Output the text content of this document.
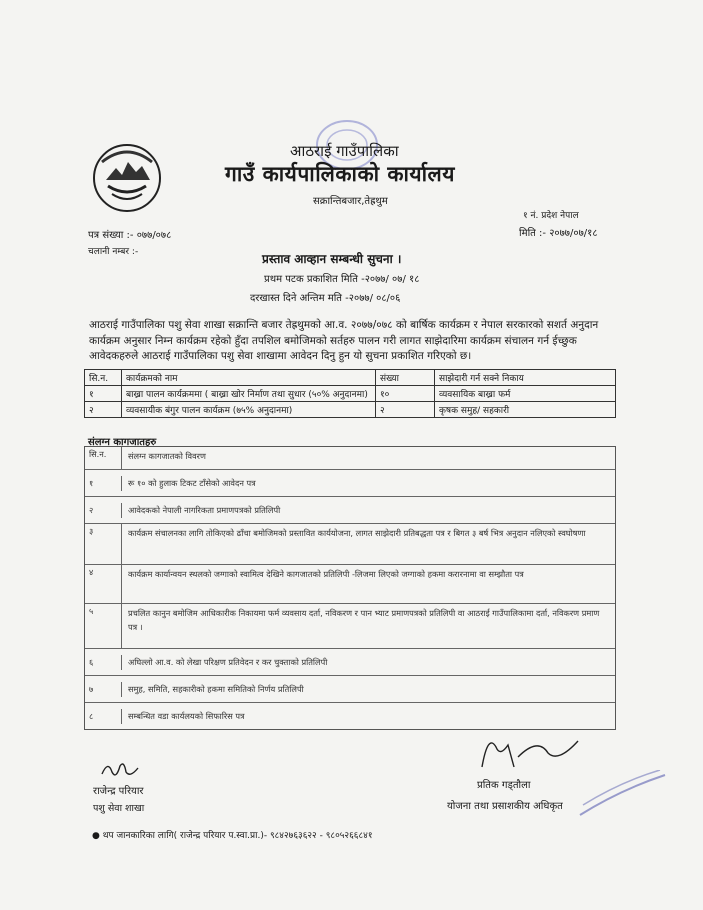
आठराई गाउँपालिका
गाउँ कार्यपालिकाको कार्यालय
सक्रान्तिबजार,तेह्रथुम
१ नं. प्रदेश नेपाल
मिति :- २०७७/०७/१८
पत्र संख्या :- ०७७/०७८
चलानी नम्बर :-	प्रस्ताव आव्हान सम्बन्धी सुचना ।
प्रथम पटक प्रकाशित मिति -२०७७/ ०७/ १८
दरखास्त दिने अन्तिम मति -२०७७/ ०८/०६
आठराई गाउँपालिका पशु सेवा शाखा सक्रान्ति बजार तेह्रथुमको आ.व. २०७७/०७८ को बार्षिक कार्यक्रम र नेपाल सरकारको सशर्त अनुदान कार्यक्रम अनुसार निम्न कार्यक्रम रहेको हुँदा तपशिल बमोजिमको सर्तहरु पालन गरी लागत साझेदारिमा कार्यक्रम संचालन गर्न ईच्छुक आवेदकहरुले आठराई गाउँपालिका पशु सेवा शाखामा आवेदन दिनु हुन यो सुचना प्रकाशित गरिएको छ।
सि.न.	कार्यक्रमको नाम	संख्या	साझेदारी गर्न सक्ने निकाय
१	बाख्रा पालन कार्यक्रममा ( बाख्रा खोर निर्माण तथा सुधार (५०% अनुदानमा)	१०	व्यवसायिक बाख्रा फर्म
२	व्यवसायीक बंगुर पालन कार्यक्रम (७५% अनुदानमा)	२	कृषक समुह/ सहकारी
संलग्न कागजातहरु
सि.न.	संलग्न कागजातको विवरण
१	रू १० को हुलाक टिकट टाँसेको आवेदन पत्र
२	आवेदकको नेपाली नागरिकता प्रमाणपत्रको प्रतिलिपी
३	कार्यक्रम संचालनका लागि तोकिएको ढाँचा बमोजिमको प्रस्तावित कार्ययोजना, लागत साझेदारी प्रतिबद्धता पत्र र बिगत ३ बर्ष भित्र अनुदान नलिएको स्वघोषणा
४	कार्यक्रम कार्यान्वयन स्थलको जग्गाको स्वामित्व देखिने कागजातको प्रतिलिपी -लिजमा लिएको जग्गाको हकमा करारनामा वा सम्झौता पत्र
५	प्रचलित कानुन बमोजिम आधिकारीक निकायमा फर्म व्यवसाय दर्ता, नविकरण र पान भ्याट प्रमाणपत्रको प्रतिलिपी वा आठराई गाउँपालिकामा दर्ता, नविकरण प्रमाण पत्र ।
६	अघिल्लो आ.व. को लेखा परिक्षण प्रतिवेदन र कर चुक्ताको प्रतिलिपी
७	समुह, समिति, सहकारीको हकमा समितिको निर्णय प्रतिलिपी
८	सम्बन्धित वडा कार्यलयको सिफारिस पत्र
राजेन्द्र परियार
पशु सेवा शाखा
प्रतिक गड्तौला
योजना तथा प्रसाशकीय अधिकृत
● थप जानकारिका लागि( राजेन्द्र परियार प.स्वा.प्रा.)- ९८४२७६३६२२ - ९८०५२६६८४१
